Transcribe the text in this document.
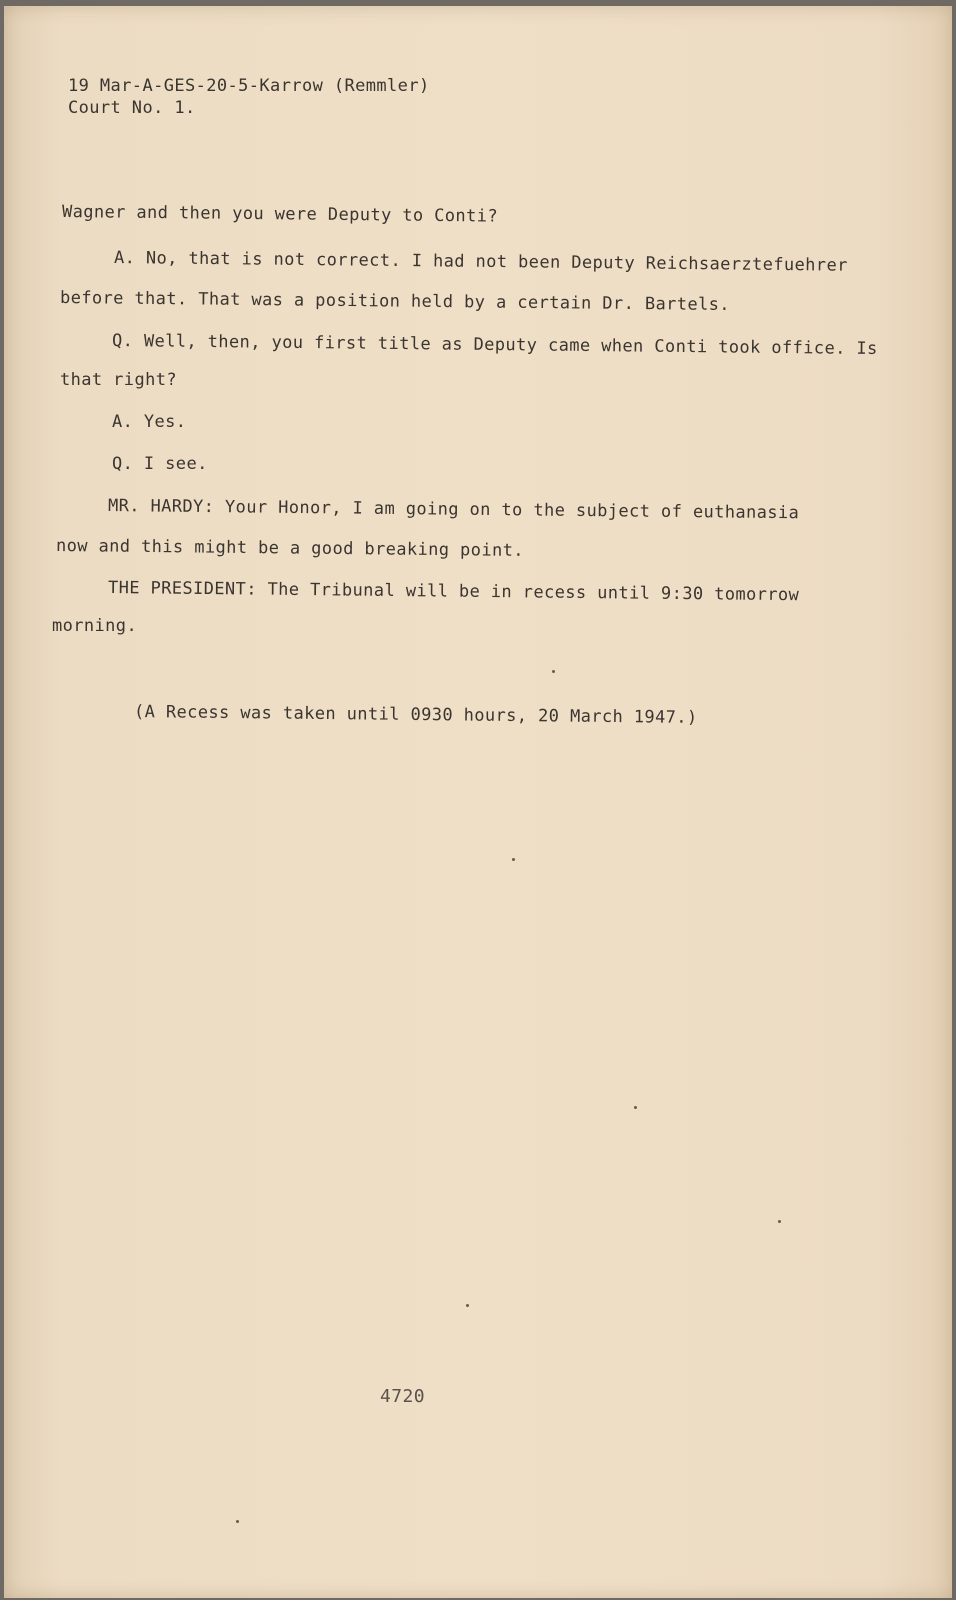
19 Mar-A-GES-20-5-Karrow (Remmler)

Court No. 1.

Wagner and then you were Deputy to Conti?

A. No, that is not correct. I had not been Deputy Reichsaerztefuehrer

before that. That was a position held by a certain Dr. Bartels.

Q. Well, then, you first title as Deputy came when Conti took office. Is

that right?

A. Yes.

Q. I see.

MR. HARDY: Your Honor, I am going on to the subject of euthanasia

now and this might be a good breaking point.

THE PRESIDENT: The Tribunal will be in recess until 9:30 tomorrow

morning.

(A Recess was taken until 0930 hours, 20 March 1947.)

4720
